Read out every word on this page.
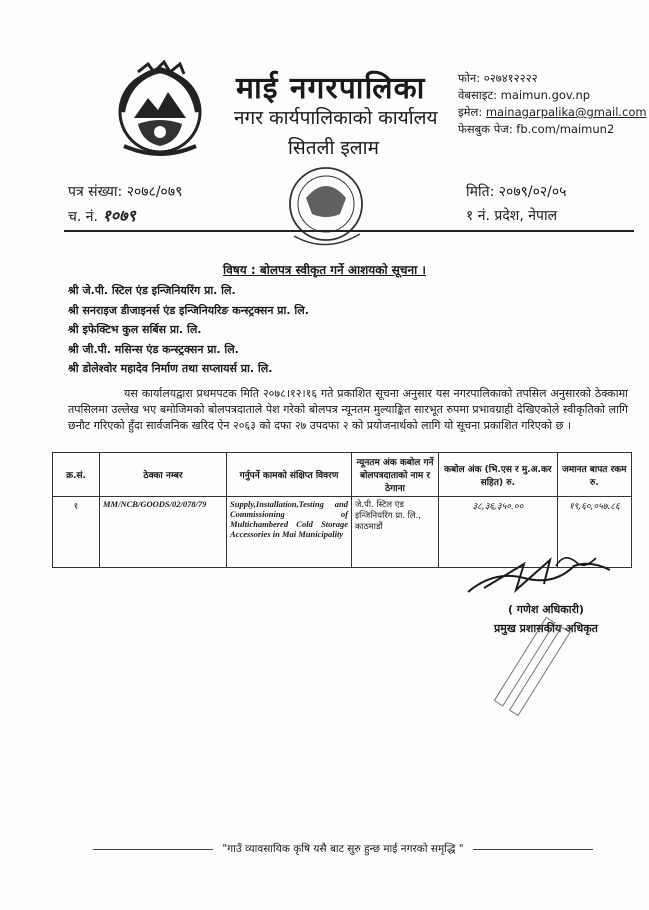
माई नगरपालिका
नगर कार्यपालिकाको कार्यालय
सितली इलाम
फोन: ०२७४१२२२२
वेबसाइट: maimun.gov.np
इमेल: mainagarpalika@gmail.com
फेसबुक पेज: fb.com/maimun2
पत्र संख्या: २०७८/०७९
च. नं. १०७९
मिति: २०७९/०२/०५
१ नं. प्रदेश, नेपाल
विषय : बोलपत्र स्वीकृत गर्ने आशयको सूचना ।
श्री जे.पी. स्टिल एंड इन्जिनियरिंग प्रा. लि.
श्री सनराइज डीजाइनर्स एंड इन्जिनियरिङ कन्स्ट्रक्सन प्रा. लि.
श्री इफेक्टिभ कुल सर्बिस प्रा. लि.
श्री जी.पी. मसिन्स एंड कन्स्ट्रक्सन प्रा. लि.
श्री डोलेश्वोर महादेव निर्माण तथा सप्लायर्स प्रा. लि.
यस कार्यालयद्वारा प्रथमपटक मिति २०७८।१२।१६ गते प्रकाशित सूचना अनुसार यस नगरपालिकाको तपसिल अनुसारको ठेक्कामा तपसिलमा उल्लेख भए बमोजिमको बोलपत्रदाताले पेश गरेको बोलपत्र न्यूनतम मुल्याङ्कित सारभूत रुपमा प्रभावग्राही देखिएकोले स्वीकृतिको लागि छनौट गरिएको हुँदा सार्वजनिक खरिद ऐन २०६३ को दफा २७ उपदफा २ को प्रयोजनार्थको लागि यो सूचना प्रकाशित गरिएको छ ।
क्र.सं.	ठेक्का नम्बर	गर्नुपर्ने कामको संक्षिप्त विवरण	न्यूनतम अंक कबोल गर्ने बोलपत्रदाताको नाम र ठेगाना	कबोल अंक (भि.एस र मु.अ.कर सहित) रु.	जमानत बापत रकम रु.
१	MM/NCB/GOODS/02/078/79	Supply,Installation,Testing and Commissioning of Multichambered Cold Storage Accessories in Mai Municipality	जे.पी. स्टिल एंड इन्जिनियरिंग प्रा. लि., काठमाडौं	३८,३६,३५०.००	१९,६०,०५७.८६
( गणेश अधिकारी)
प्रमुख प्रशासकीय अधिकृत
"गाउँ व्यावसायिक कृषि यसै बाट सुरु हुन्छ माई नगरको समृद्धि "
